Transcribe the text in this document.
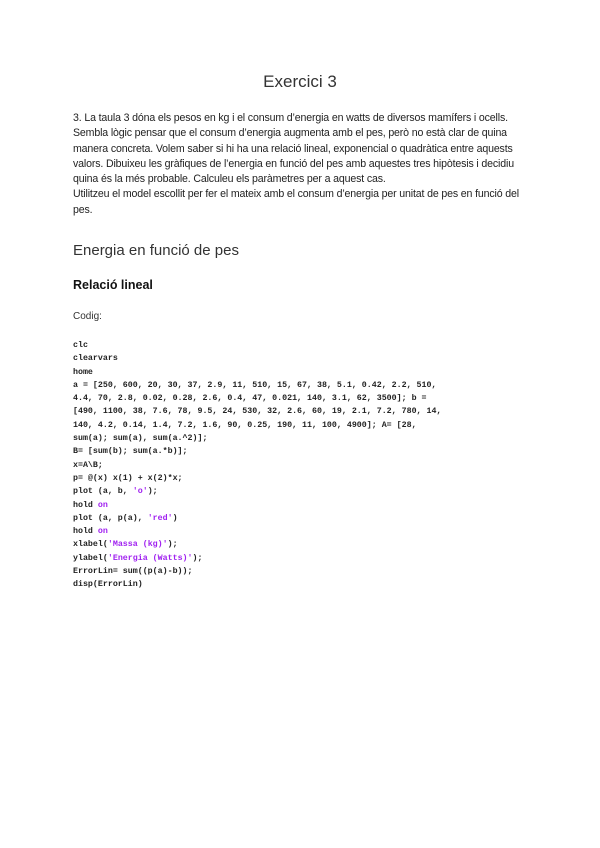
Exercici 3

3. La taula 3 dóna els pesos en kg i el consum d’energia en watts de diversos mamífers i ocells. Sembla lògic pensar que el consum d’energia augmenta amb el pes, però no està clar de quina manera concreta. Volem saber si hi ha una relació lineal, exponencial o quadràtica entre aquests valors. Dibuixeu les gràfiques de l’energia en funció del pes amb aquestes tres hipòtesis i decidiu quina és la més probable. Calculeu els paràmetres per a aquest cas.

Utilitzeu el model escollit per fer el mateix amb el consum d’energia per unitat de pes en funció del pes.

Energia en funció de pes
Relació lineal
Codig:
clc
clearvars
home
a = [250, 600, 20, 30, 37, 2.9, 11, 510, 15, 67, 38, 5.1, 0.42, 2.2, 510,
4.4, 70, 2.8, 0.02, 0.28, 2.6, 0.4, 47, 0.021, 140, 3.1, 62, 3500]; b =
[490, 1100, 38, 7.6, 78, 9.5, 24, 530, 32, 2.6, 60, 19, 2.1, 7.2, 780, 14,
140, 4.2, 0.14, 1.4, 7.2, 1.6, 90, 0.25, 190, 11, 100, 4900]; A= [28,
sum(a); sum(a), sum(a.^2)];
B= [sum(b); sum(a.*b)];
x=A\B;
p= @(x) x(1) + x(2)*x;
plot (a, b, 'o');
hold on
plot (a, p(a), 'red')
hold on
xlabel('Massa (kg)');
ylabel('Energia (Watts)');
ErrorLin= sum((p(a)-b));
disp(ErrorLin)
